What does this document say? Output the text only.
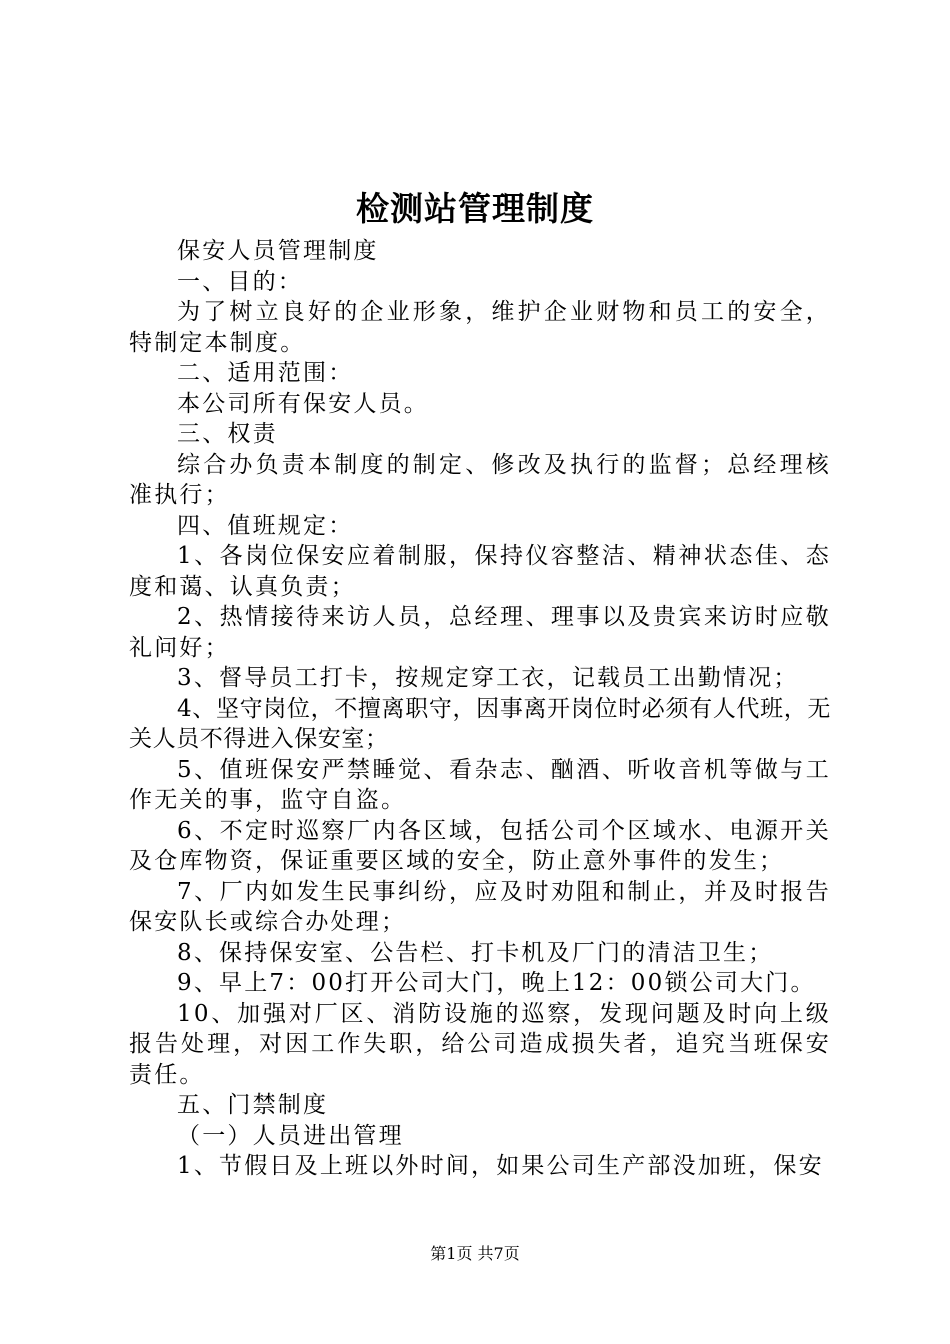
检测站管理制度

保安人员管理制度

一、目的：

为了树立良好的企业形象，维护企业财物和员工的安全，特制定本制度。

二、适用范围：

本公司所有保安人员。

三、权责

综合办负责本制度的制定、修改及执行的监督；总经理核准执行；

四、值班规定：

1、各岗位保安应着制服，保持仪容整洁、精神状态佳、态度和蔼、认真负责；

2、热情接待来访人员，总经理、理事以及贵宾来访时应敬礼问好；

3、督导员工打卡，按规定穿工衣，记载员工出勤情况；

4、坚守岗位，不擅离职守，因事离开岗位时必须有人代班，无关人员不得进入保安室；

5、值班保安严禁睡觉、看杂志、酗酒、听收音机等做与工作无关的事，监守自盗。

6、不定时巡察厂内各区域，包括公司个区域水、电源开关及仓库物资，保证重要区域的安全，防止意外事件的发生；

7、厂内如发生民事纠纷，应及时劝阻和制止，并及时报告保安队长或综合办处理；

8、保持保安室、公告栏、打卡机及厂门的清洁卫生；

9、早上7：00打开公司大门，晚上12：00锁公司大门。

10、加强对厂区、消防设施的巡察，发现问题及时向上级报告处理，对因工作失职，给公司造成损失者，追究当班保安责任。

五、门禁制度

（一）人员进出管理

1、节假日及上班以外时间，如果公司生产部没加班，保安

第1页 共7页
